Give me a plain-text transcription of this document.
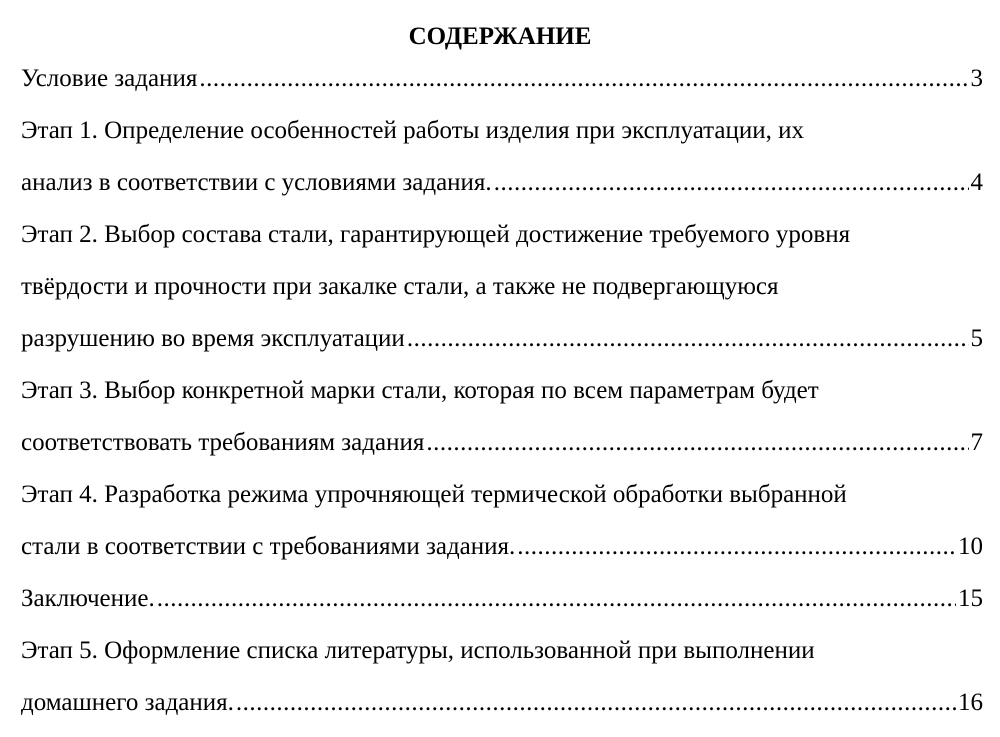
СОДЕРЖАНИЕ
Условие задания .....	3
Этап 1. Определение особенностей работы изделия при эксплуатации, их
анализ в соответствии с условиями задания. .....	4
Этап 2. Выбор состава стали, гарантирующей достижение требуемого уровня
твёрдости и прочности при закалке стали, а также не подвергающуюся
разрушению во время эксплуатации .....	5
Этап 3. Выбор конкретной марки стали, которая по всем параметрам будет
соответствовать требованиям задания .....	7
Этап 4. Разработка режима упрочняющей термической обработки выбранной
стали в соответствии с требованиями задания. .....	10
Заключение. .....	15
Этап 5. Оформление списка литературы, использованной при выполнении
домашнего задания. .....	16
